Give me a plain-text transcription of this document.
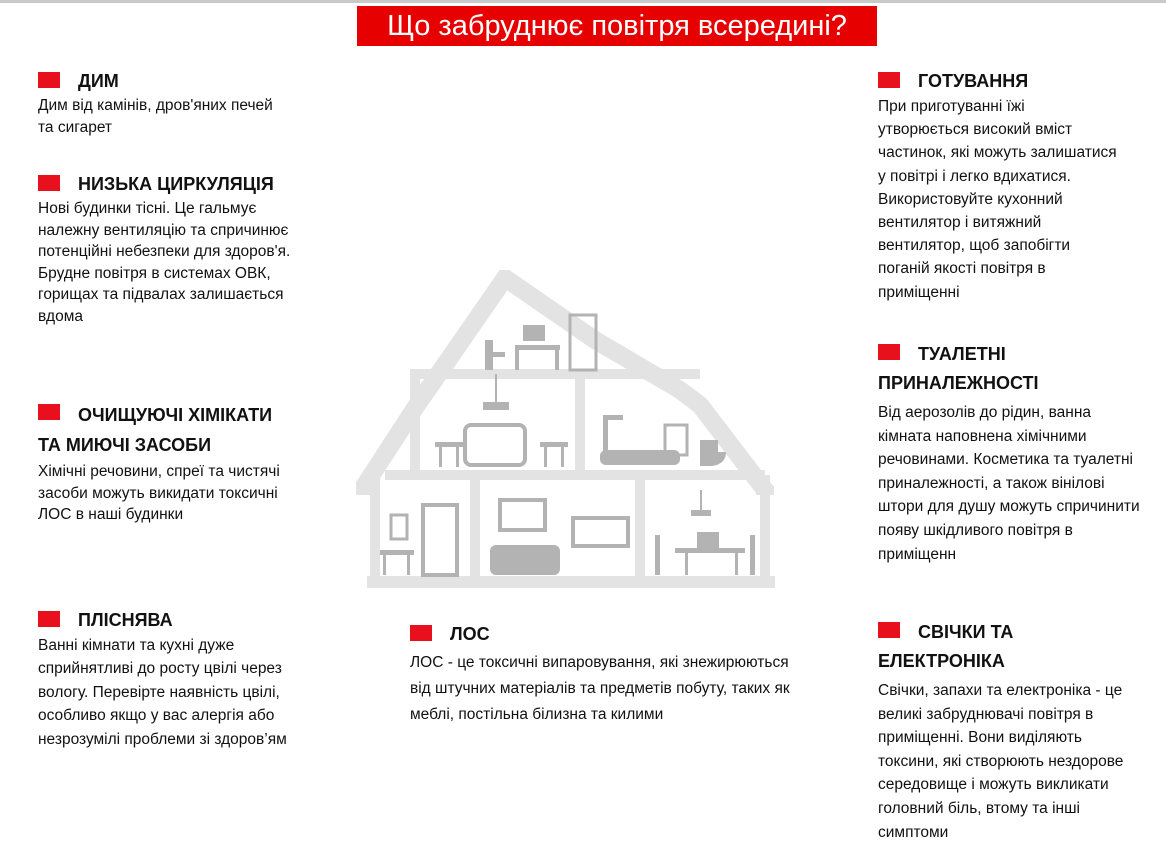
Що забруднює повітря всередині?
ДИМ
Дим від камінів, дров'яних печей та сигарет
НИЗЬКА ЦИРКУЛЯЦІЯ
Нові будинки тісні. Це гальмує належну вентиляцію та спричинює потенційні небезпеки для здоров'я. Брудне повітря в системах ОВК, горищах та підвалах залишається вдома
ОЧИЩУЮЧІ ХІМІКАТИ ТА МИЮЧІ ЗАСОБИ
Хімічні речовини, спреї та чистячі засоби можуть викидати токсичні ЛОС в наші будинки
ПЛІСНЯВА
Ванні кімнати та кухні дуже сприйнятливі до росту цвілі через вологу. Перевірте наявність цвілі, особливо якщо у вас алергія або незрозумілі проблеми зі здоров’ям
ЛОС
ЛОС - це токсичні випаровування, які знежирюються від штучних матеріалів та предметів побуту, таких як меблі, постільна білизна та килими
ГОТУВАННЯ
При приготуванні їжі утворюється високий вміст частинок, які можуть залишатися у повітрі і легко вдихатися. Використовуйте кухонний вентилятор і витяжний вентилятор, щоб запобігти поганій якості повітря в приміщенні
ТУАЛЕТНІ ПРИНАЛЕЖНОСТІ
Від аерозолів до рідин, ванна кімната наповнена хімічними речовинами. Косметика та туалетні приналежності, а також вінілові штори для душу можуть спричинити появу шкідливого повітря в приміщенн
СВІЧКИ ТА ЕЛЕКТРОНІКА
Свічки, запахи та електроніка - це великі забруднювачі повітря в приміщенні. Вони виділяють токсини, які створюють нездорове середовище і можуть викликати головний біль, втому та інші симптоми
